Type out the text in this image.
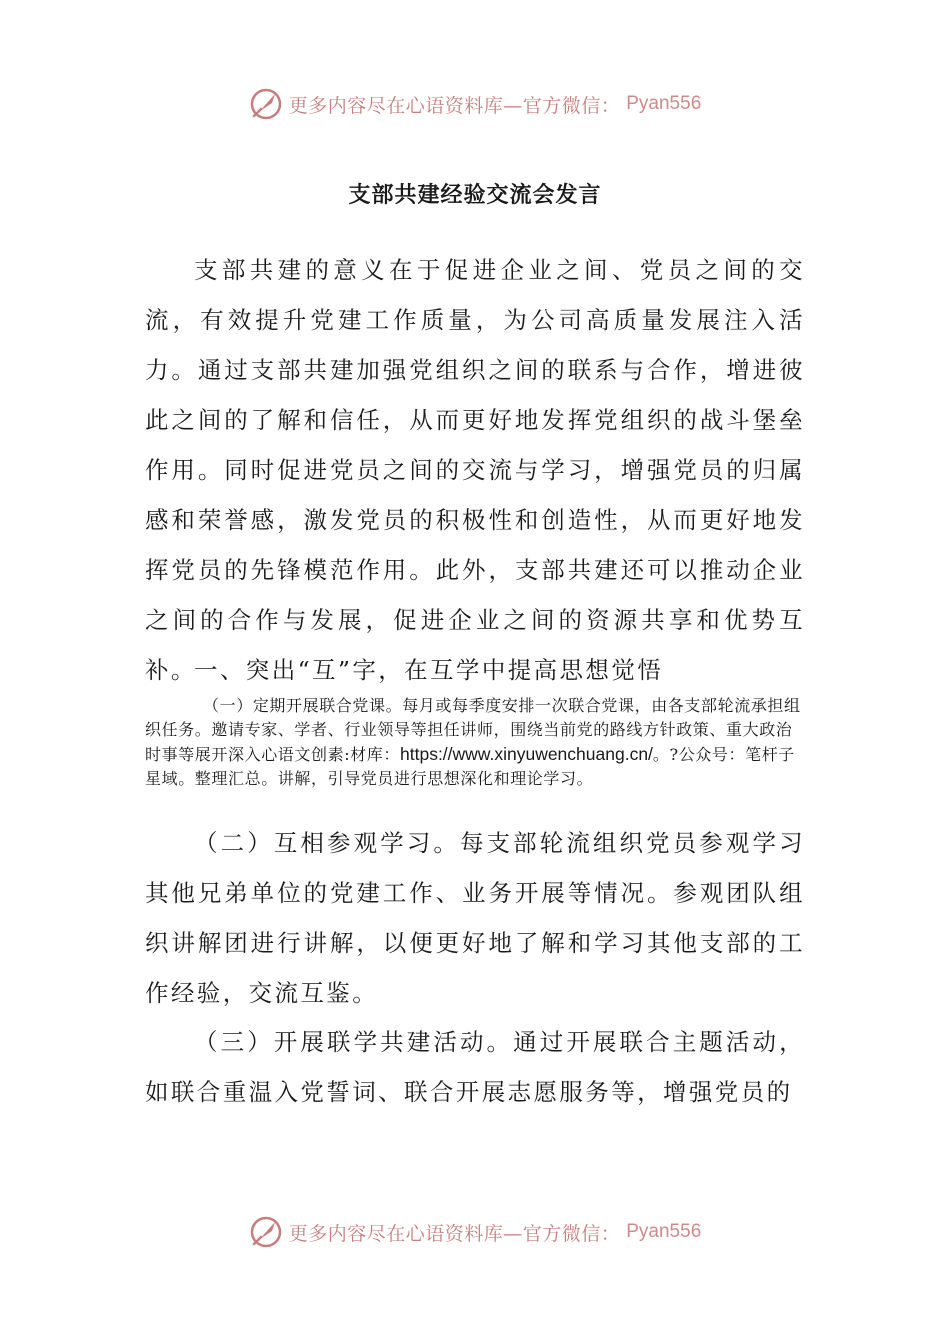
更多内容尽在心语资料库—官方微信： Pyan556
支部共建经验交流会发言

支部共建的意义在于促进企业之间、党员之间的交流，有效提升党建工作质量，为公司高质量发展注入活力。通过支部共建加强党组织之间的联系与合作，增进彼此之间的了解和信任，从而更好地发挥党组织的战斗堡垒作用。同时促进党员之间的交流与学习，增强党员的归属感和荣誉感，激发党员的积极性和创造性，从而更好地发挥党员的先锋模范作用。此外，支部共建还可以推动企业之间的合作与发展，促进企业之间的资源共享和优势互补。

一、突出“互”字，在互学中提高思想觉悟

（一）定期开展联合党课。每月或每季度安排一次联合党课，由各支部轮流承担组织任务。邀请专家、学者、行业领导等担任讲师，围绕当前党的路线方针政策、重大政治时事等展开深入心语文创素:材库：https://www.xinyuwenchuang.cn/。?公众号：笔杆子星域。整理汇总。讲解，引导党员进行思想深化和理论学习。

（二）互相参观学习。每支部轮流组织党员参观学习其他兄弟单位的党建工作、业务开展等情况。参观团队组织讲解团进行讲解，以便更好地了解和学习其他支部的工作经验，交流互鉴。

（三）开展联学共建活动。通过开展联合主题活动，如联合重温入党誓词、联合开展志愿服务等，增强党员的

更多内容尽在心语资料库—官方微信： Pyan556
